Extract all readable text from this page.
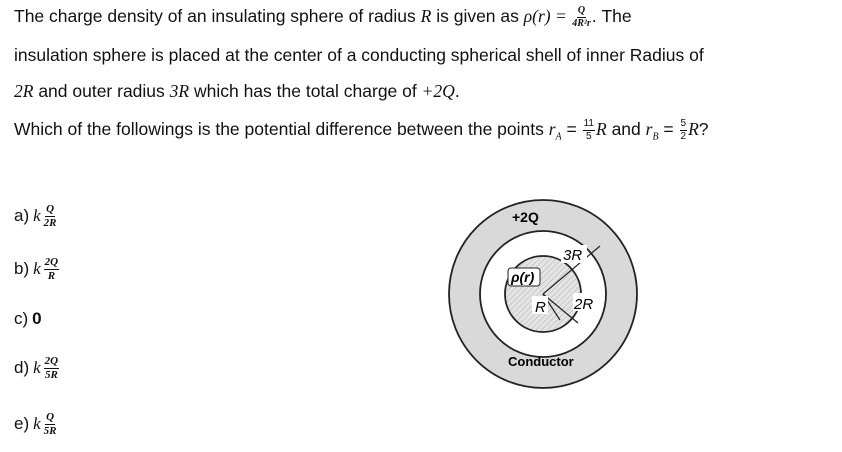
The charge density of an insulating sphere of radius R is given as $\rho(r) = \frac{Q}{\text{4R²r}}$ . The
insulation sphere is placed at the center of a conducting spherical shell of inner Radius of
2R and outer radius 3R which has the total charge of +2Q.
Which of the followings is the potential difference between the points $r_A = \frac{11}{5}$ R and $r_B = \frac{5}{2} R$?
a) k $\frac{Q}{2R}$
b) k $\frac{2Q}{R}$
c) 0
d) k $\frac{2Q}{5R}$
e) k $\frac{Q}{5R}$
ρ(r)
+2Q
3R
R 2R
Conductor
